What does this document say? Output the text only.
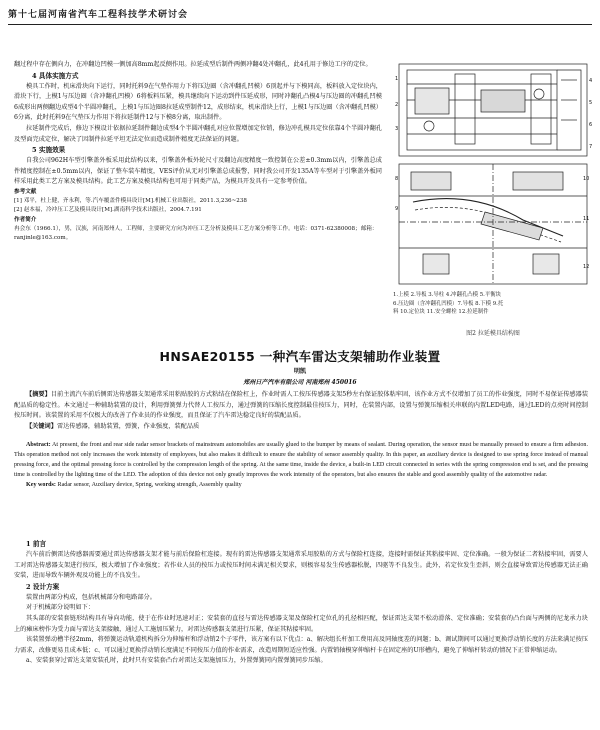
第十七届河南省汽车工程科技学术研讨会

翻过程中存在侧向力，在冲翻边凹模一侧加高8mm起反侧作用。拉延成型后制件两侧冲翻4处冲翻孔，此4孔用于修边工序的定位。

4 具体实施方式

模具工作时，机床滑块向下运行，同时托料9在气垫作用力下将压边圈（含冲翻孔凹模）6顶起并与下模同高，板料放入定位块内，滑块下行，上模1与压边圈（含冲翻孔凹模）6将板料压紧，模具继续向下运动到件压延成形，同时冲翻孔凸模4与压边圈的冲翻孔凹模6成形出两侧翻边成型4个半圆冲翻孔，上模1与压边圈8拉延成型制件12，成形结束，机床滑块上行，上模1与压边圈（含冲翻孔凹模）6分离，此时托料9在气垫压力作用下将拉延制件12与下模8分离，取出制件。

拉延制件完成后，修边下模设计依据拉延制件翻边成型4个半圆冲翻孔对应位置增加定位销，修边冲孔模具定位依靠4个半圆冲翻孔及型面完成定位，解决了因制件拉延平坦无法定位而造成制件精度无法保证的问题。

5 实施效果

自我公司962H车型引擎盖外板采用此结构以来，引擎盖外板外轮尺寸及翻边高度精度一致控制在公差±0.3mm以内，引擎盖总成件精度控制在±0.5mm以内，保证了整车装车精度，VES评价从无对引擎盖总成报警，同时我公司开发135A等车型对于引擎盖外板同样采用此类工艺方案及模具结构。此工艺方案及模具结构也可用于同类产品，为模具开发具有一定参考价值。

参考文献

[1] 邓平，杜上健，齐永利，等.汽车覆盖件模具设计[M].机械工业出版社，2011.3,236~238

[2] 赵本福，冷冲压工艺及模具设计[M].湖南科学技术出版社，2004.7.191

作者简介

冉会东（1966.1），男，汉族，河南郑州人，工程师，主要研究方向为冲压工艺分析及模具工艺方案分析等工作。电话：0371-62380008；邮箱：ranjinle@163.com。

1
2
3
4
5
6
7
8
9
10
11
12
1.上模 2.导板 3.导柱 4.冲翻孔凸模 5.平衡块
6.压边圈（含冲翻孔凹模）7.导板 8.下模 9.托
料 10.定位块 11.安全螺栓 12.拉延制件
图2 拉延模具结构图
HNSAE20155 一种汽车雷达支架辅助作业装置
明凯
郑州日产汽车有限公司 河南郑州 450016

【摘要】目前主流汽车前后侧雷达传感器支架通常采用粘贴胶的方式粘结在保险杠上，作业时需人工按压传感器支架5秒左右保证胶体粘牢固，该作业方式不仅增加了员工的作业强度，同时不易保证传感器装配品质的稳定性。本文通过一种辅助装置的设计，利用弹簧弹力代替人工按压力，通过弹簧的压缩长度控制最佳按压力，同时，在装置内部，设置与弹簧压缩相关串联的内置LED电路，通过LED的点亮时间控制按压时间。该装置的采用不仅极大的改善了作业员的作业强度，而且保证了汽车雷达稳定良好的装配品质。

【关键词】雷达传感器，辅助装置，弹簧，作业强度，装配品质

Abstract: At present, the front and rear side radar sensor brackets of mainstream automobiles are usually glued to the bumper by means of sealant. During operation, the sensor must be manually pressed to ensure a firm adhesion. This operation method not only increases the work intensity of employees, but also makes it difficult to ensure the stability of sensor assembly quality. In this paper, an auxiliary device is designed to use spring force instead of manual pressing force, and the optimal pressing force is controlled by the compression length of the spring. At the same time, inside the device, a built-in LED circuit connected in series with the spring compression end is set, and the pressing time is controlled by the lighting time of the LED. The adoption of this device not only greatly improves the work intensity of the operators, but also ensures the stable and good assembly quality of the automotive radar.

Key words: Radar sensor, Auxiliary device, Spring, working strength, Assembly quality

1 前言

汽车前后侧雷达传感器需要通过雷达传感器支架才能与前后保险杠连接。现有的雷达传感器支架通常采用胶粘的方式与保险杠连接，连接时需保证其粘接牢固、定位准确。一般为保证二者粘接牢固，需要人工对雷达传感器支架进行按压，极大增加了作业强度；若作业人员的按压力或按压时间未满足相关要求，则极容易发生传感器松脱，四驱等不良发生。此外，若定位发生歪斜，则会直接导致雷达传感器无法正确安装，进而导致车辆外观及功能上的不良发生。

2 设计方案

装置由两部分构成，包括机械部分和电路部分。

对于机械部分说明如下：

其头部的安装套链形结构具有导向功能，使于在作业时迅速对正；安装套的直径与雷达传感器支架及保险杠定位孔的孔径相匹配，保证雷达支架不松动滑落、定位准确；安装套的凸台面与两侧的尼龙承力块上的瘫床榜作为受力面与雷达支架接触，通过人工施加压紧力，对雷达传感器支架进行压紧，保证其粘接牢固。

该装置弹动槽半径2mm，将弹簧运动轨道机构拆分为伸缩杆和浮动销2个子零件，该方案有以下优点：a、解决组长杆加工费用高及同轴度差的问题；b、调试期间可以通过更换浮动销长度的方法来满足按压力需求，改修更易且成本低；c、可以通过更换浮动销长度满足不同按压力值的作业需求，改造周期短适应性强。内置销轴模穿伸缩杆卡在固定座的U形槽内，避免了伸缩杆转动的情况下正常伸缩运动。

a、安装套穿过雷达支架安装孔时，此时只有安装套凸台对雷达支架施加压力，外置弹簧同内置弹簧同步压缩。
